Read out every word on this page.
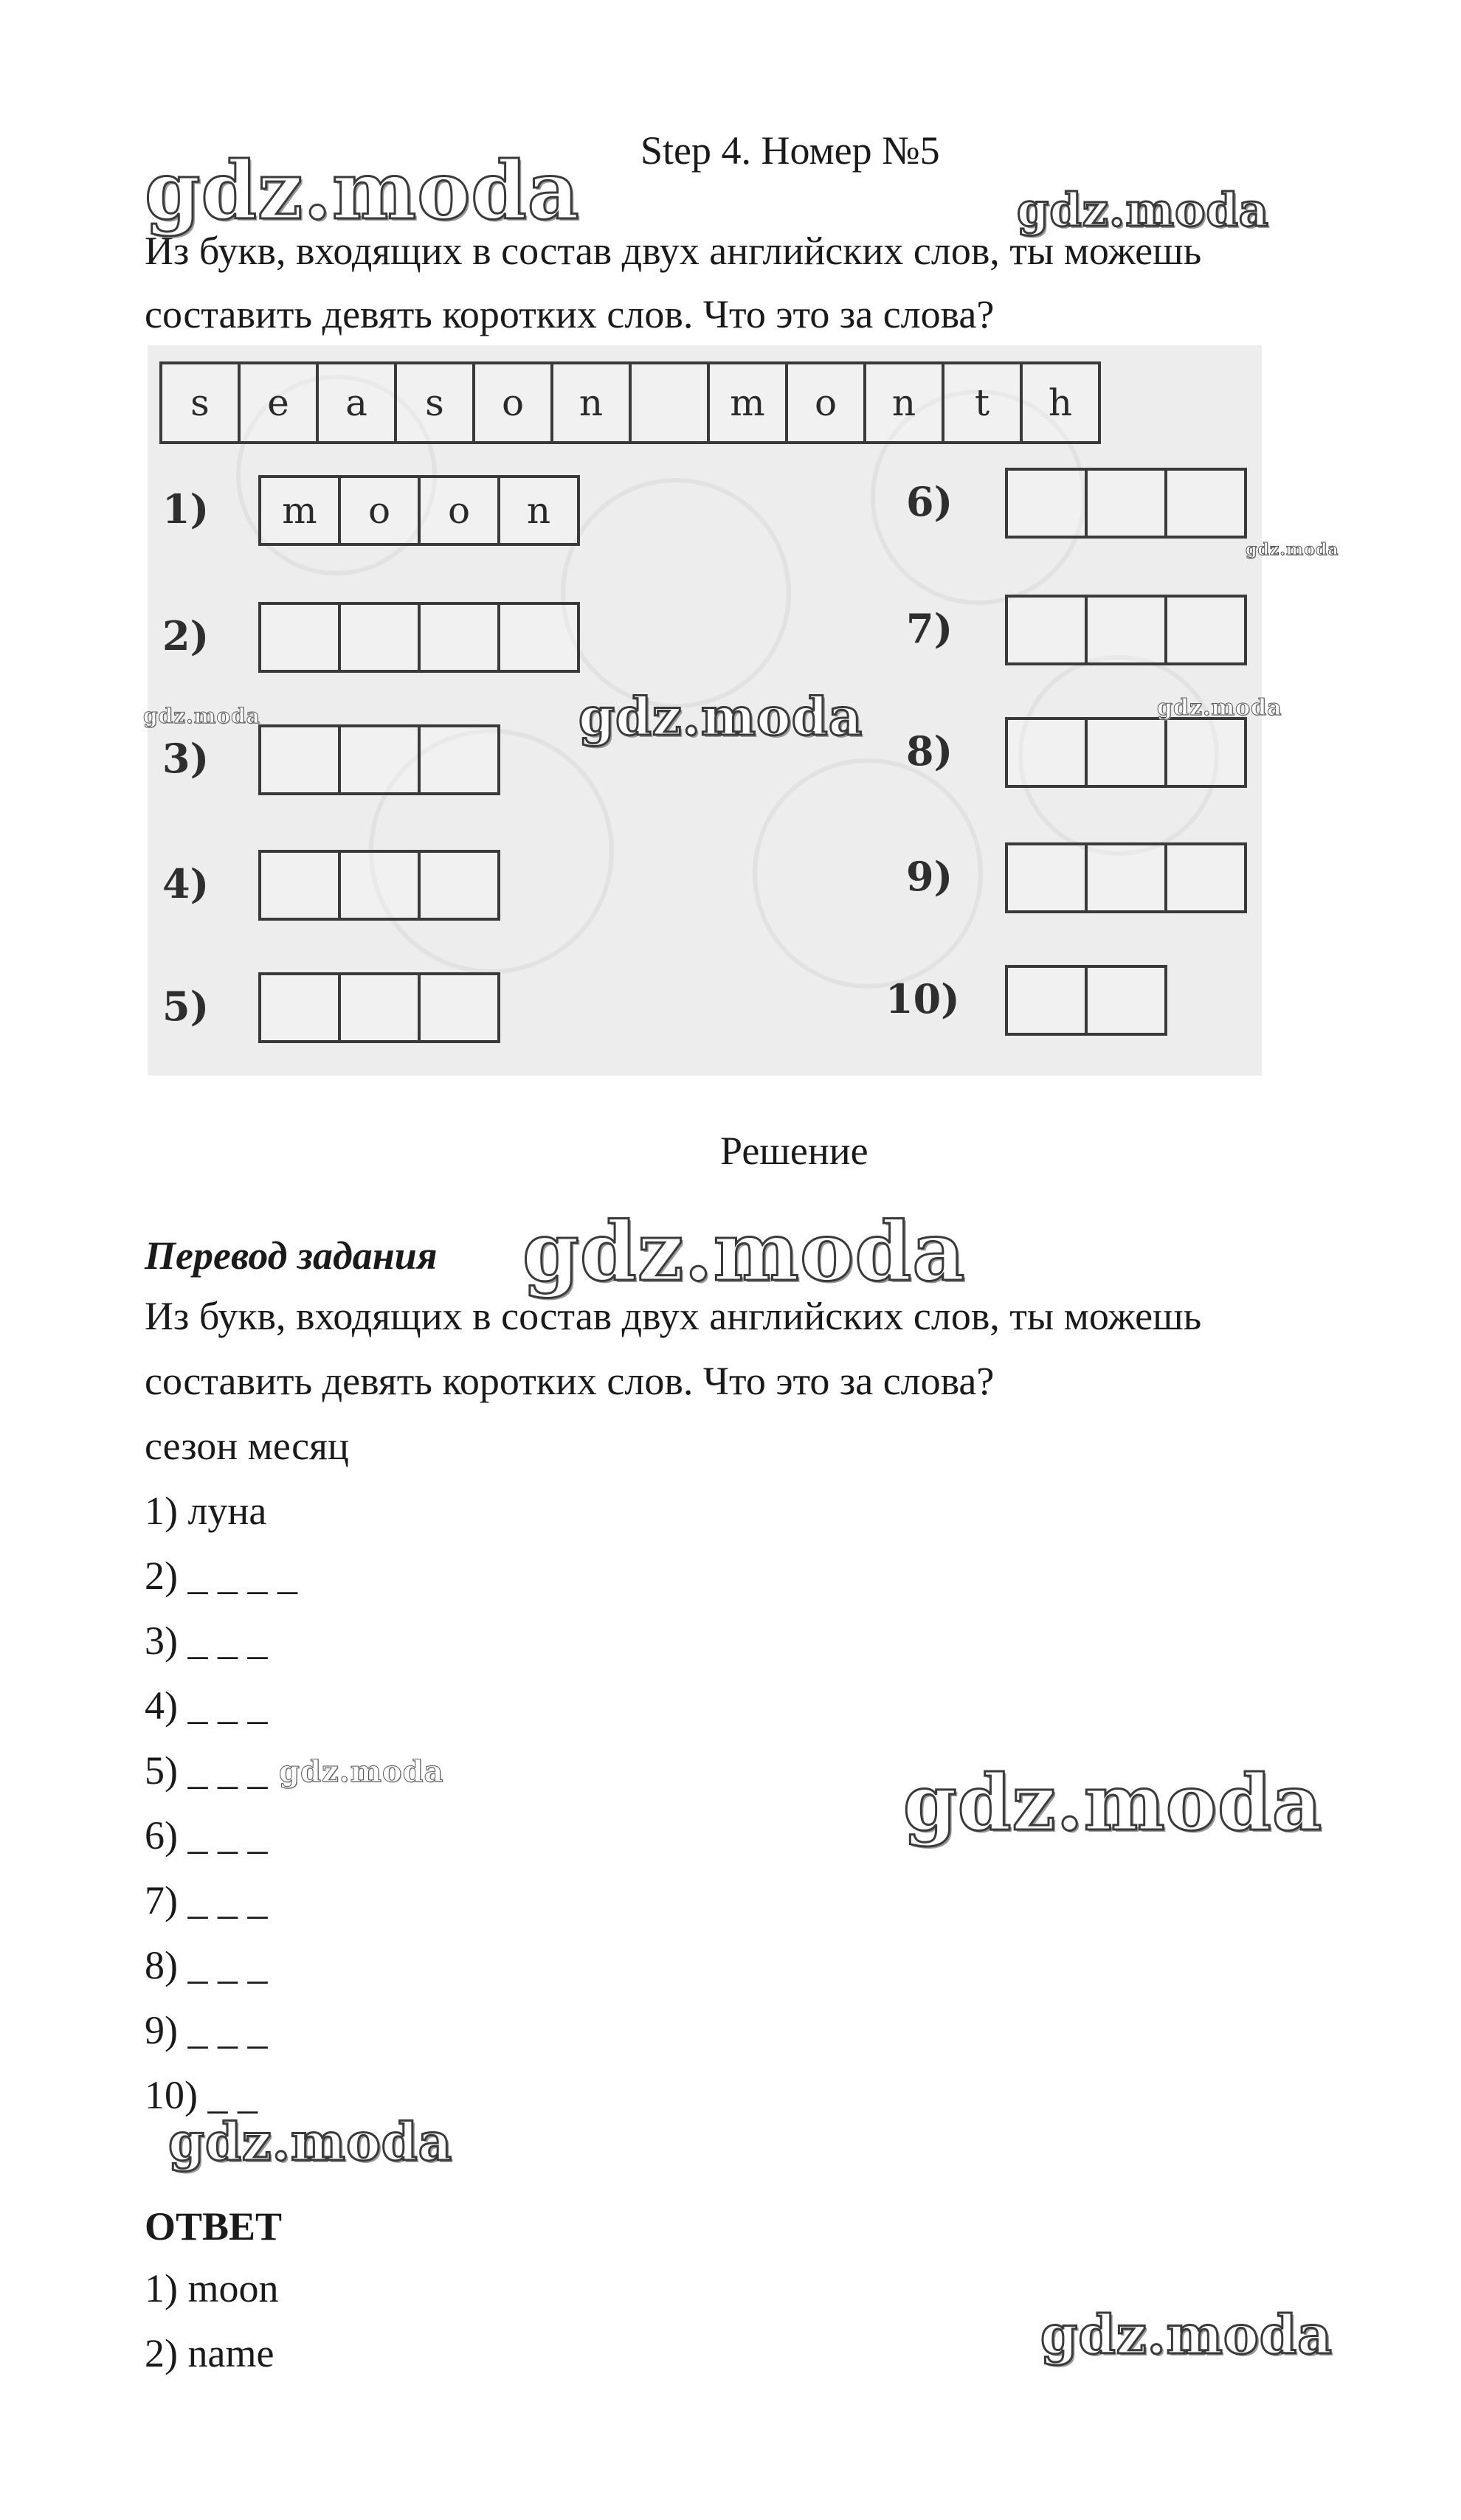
Step 4. Номер №5
Из букв, входящих в состав двух английских слов, ты можешь
составить девять коротких слов. Что это за слова?
s	e	a	s	o	n	m	o	n	t	h
1)	m	o	o	n
2)
3)
4)
5)
6)
7)
8)
9)
10)
Решение
Перевод задания
Из букв, входящих в состав двух английских слов, ты можешь
составить девять коротких слов. Что это за слова?
сезон месяц
1) луна
2) _ _ _ _
3) _ _ _
4) _ _ _
5) _ _ _
6) _ _ _
7) _ _ _
8) _ _ _
9) _ _ _
10) _ _
ОТВЕТ
1) moon
2) name
gdz.moda	gdz.moda
gdz.moda
gdz.moda	gdz.moda	gdz.moda
gdz.moda
gdz.moda	gdz.moda
gdz.moda
gdz.moda
